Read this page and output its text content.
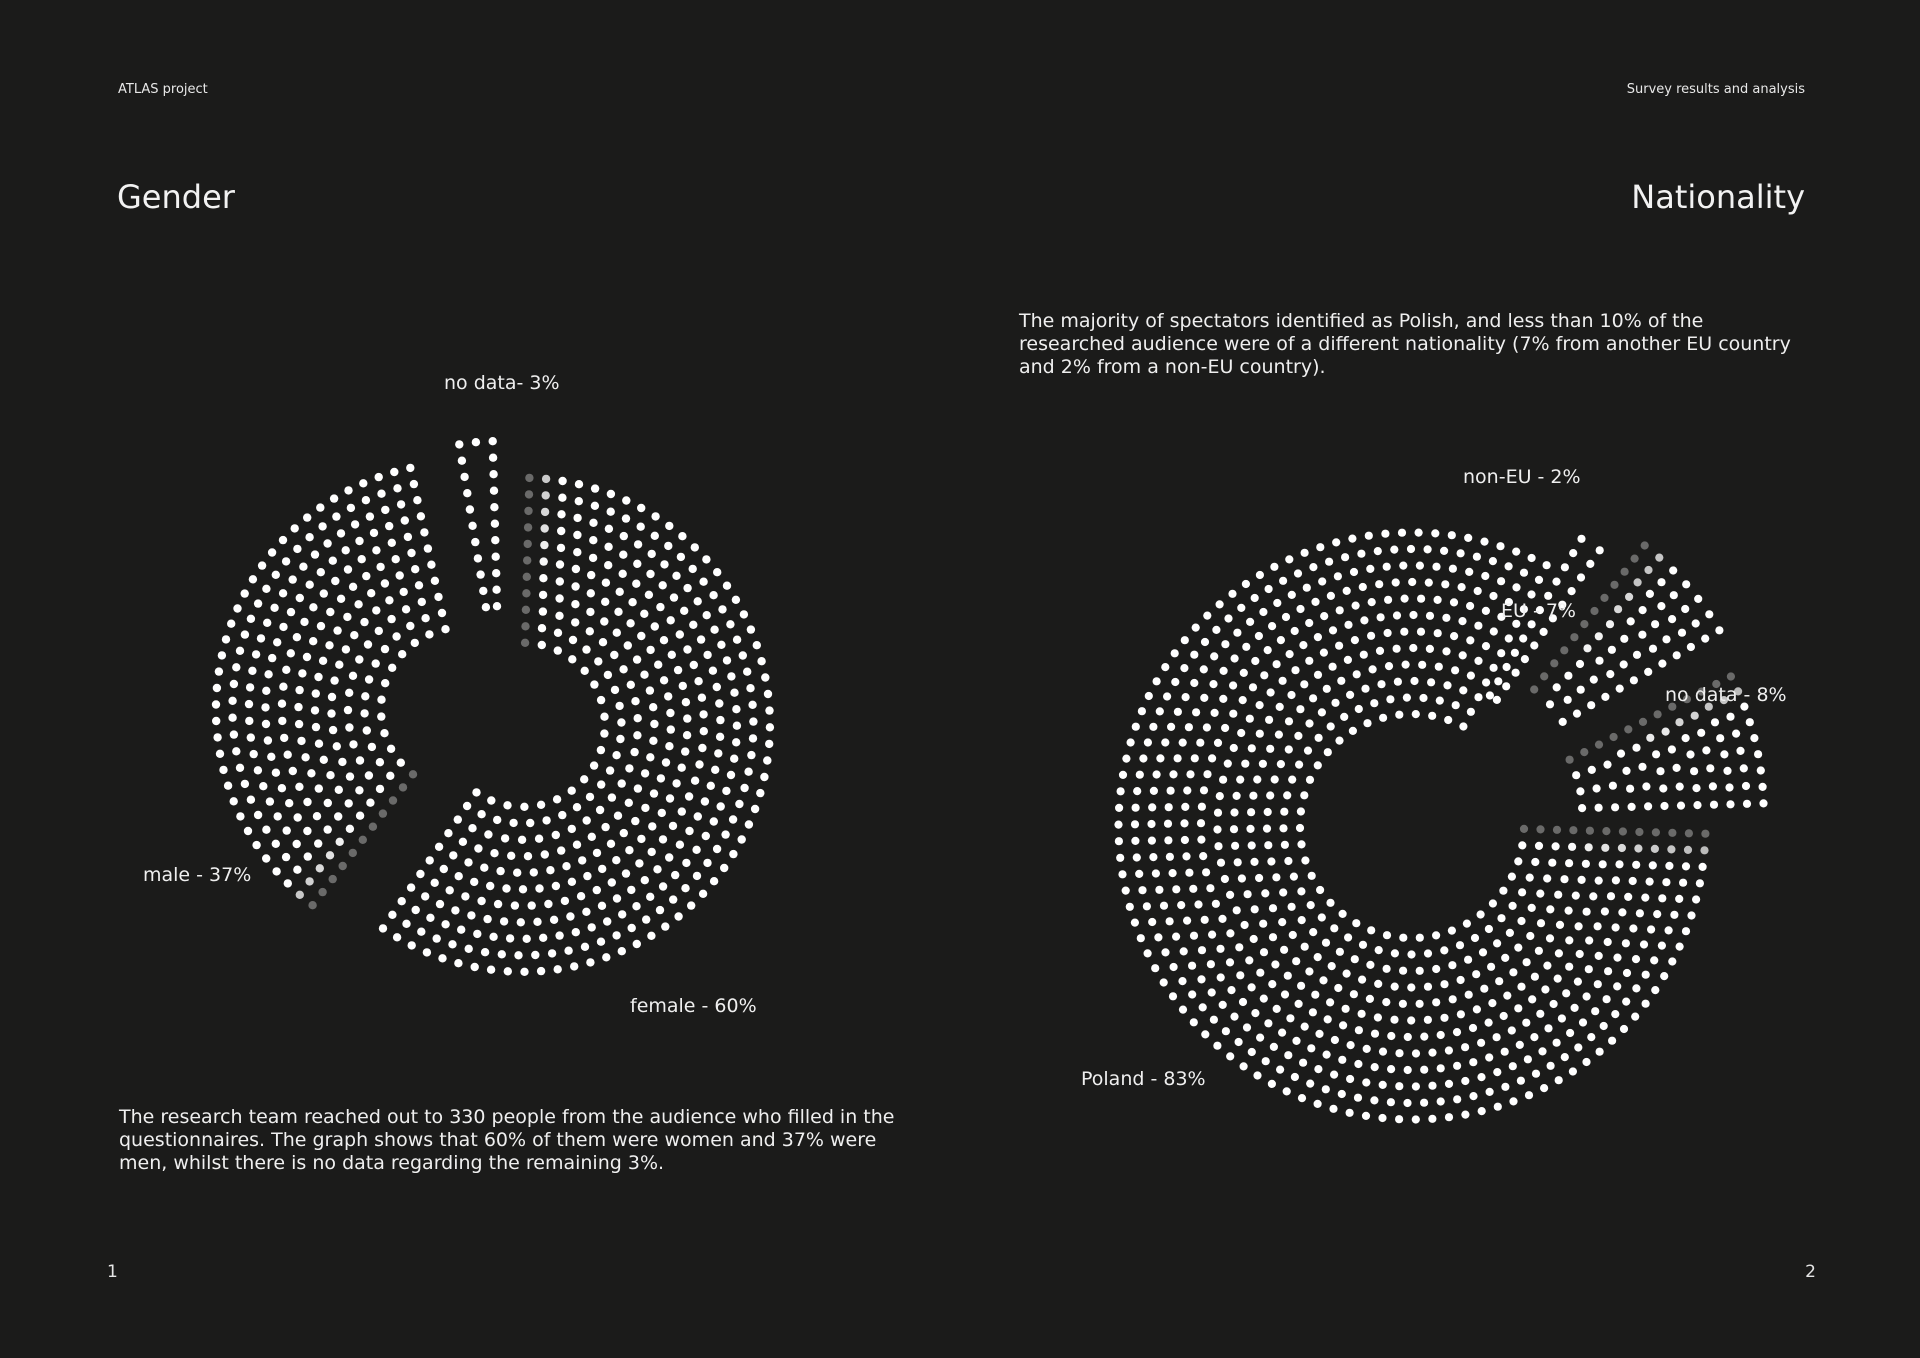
ATLAS project	Survey results and analysis
Gender	Nationality

The majority of spectators identified as Polish, and less than 10% of the researched audience were of a different nationality (7% from another EU country and 2% from a non-EU country).

The research team reached out to 330 people from the audience who filled in the questionnaires. The graph shows that 60% of them were women and 37% were men, whilst there is no data regarding the remaining 3%.

no data- 3%
male - 37%
female - 60%
non-EU - 2%
EU - 7%
no data - 8%
Poland - 83%
1	2
